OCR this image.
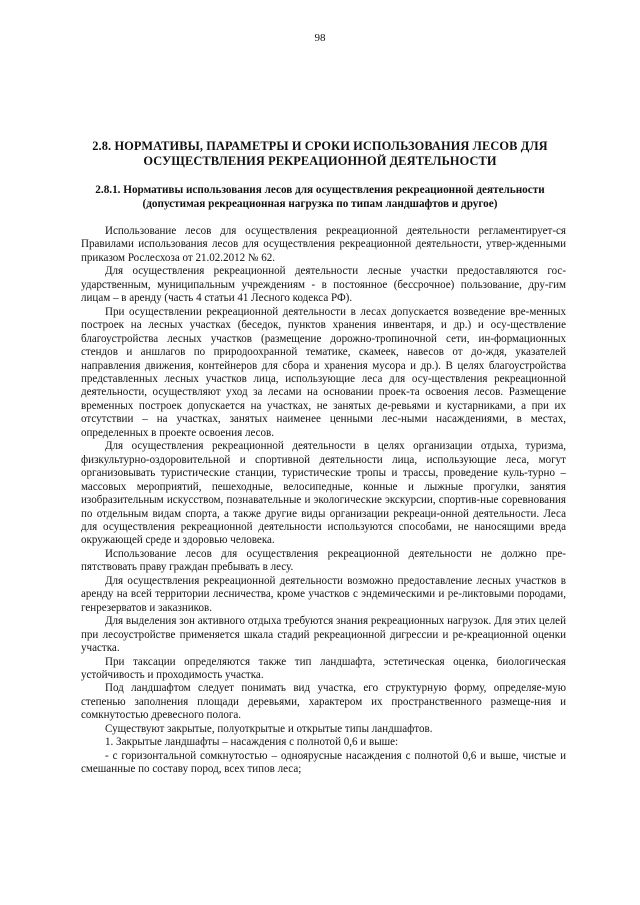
98
2.8. НОРМАТИВЫ, ПАРАМЕТРЫ И СРОКИ ИСПОЛЬЗОВАНИЯ ЛЕСОВ ДЛЯ ОСУЩЕСТВЛЕНИЯ РЕКРЕАЦИОННОЙ ДЕЯТЕЛЬНОСТИ
2.8.1. Нормативы использования лесов для осуществления рекреационной деятельности (допустимая рекреационная нагрузка по типам ландшафтов и другое)

Использование лесов для осуществления рекреационной деятельности регламентирует-ся Правилами использования лесов для осуществления рекреационной деятельности, утвер-жденными приказом Рослесхоза от 21.02.2012 № 62.

Для осуществления рекреационной деятельности лесные участки предоставляются гос-ударственным, муниципальным учреждениям - в постоянное (бессрочное) пользование, дру-гим лицам – в аренду (часть 4 статьи 41 Лесного кодекса РФ).

При осуществлении рекреационной деятельности в лесах допускается возведение вре-менных построек на лесных участках (беседок, пунктов хранения инвентаря, и др.) и осу-ществление благоустройства лесных участков (размещение дорожно-тропиночной сети, ин-формационных стендов и аншлагов по природоохранной тематике, скамеек, навесов от до-ждя, указателей направления движения, контейнеров для сбора и хранения мусора и др.). В целях благоустройства представленных лесных участков лица, использующие леса для осу-ществления рекреационной деятельности, осуществляют уход за лесами на основании проек-та освоения лесов. Размещение временных построек допускается на участках, не занятых де-ревьями и кустарниками, а при их отсутствии – на участках, занятых наименее ценными лес-ными насаждениями, в местах, определенных в проекте освоения лесов.

Для осуществления рекреационной деятельности в целях организации отдыха, туризма, физкультурно-оздоровительной и спортивной деятельности лица, использующие леса, могут организовывать туристические станции, туристические тропы и трассы, проведение куль-турно – массовых мероприятий, пешеходные, велосипедные, конные и лыжные прогулки, занятия изобразительным искусством, познавательные и экологические экскурсии, спортив-ные соревнования по отдельным видам спорта, а также другие виды организации рекреаци-онной деятельности. Леса для осуществления рекреационной деятельности используются способами, не наносящими вреда окружающей среде и здоровью человека.

Использование лесов для осуществления рекреационной деятельности не должно пре-пятствовать праву граждан пребывать в лесу.

Для осуществления рекреационной деятельности возможно предоставление лесных участков в аренду на всей территории лесничества, кроме участков с эндемическими и ре-ликтовыми породами, генрезерватов и заказников.

Для выделения зон активного отдыха требуются знания рекреационных нагрузок. Для этих целей при лесоустройстве применяется шкала стадий рекреационной дигрессии и ре-креационной оценки участка.

При таксации определяются также тип ландшафта, эстетическая оценка, биологическая устойчивость и проходимость участка.

Под ландшафтом следует понимать вид участка, его структурную форму, определяе-мую степенью заполнения площади деревьями, характером их пространственного размеще-ния и сомкнутостью древесного полога.

Существуют закрытые, полуоткрытые и открытые типы ландшафтов.

1. Закрытые ландшафты – насаждения с полнотой 0,6 и выше:

- с горизонтальной сомкнутостью – одноярусные насаждения с полнотой 0,6 и выше, чистые и смешанные по составу пород, всех типов леса;
